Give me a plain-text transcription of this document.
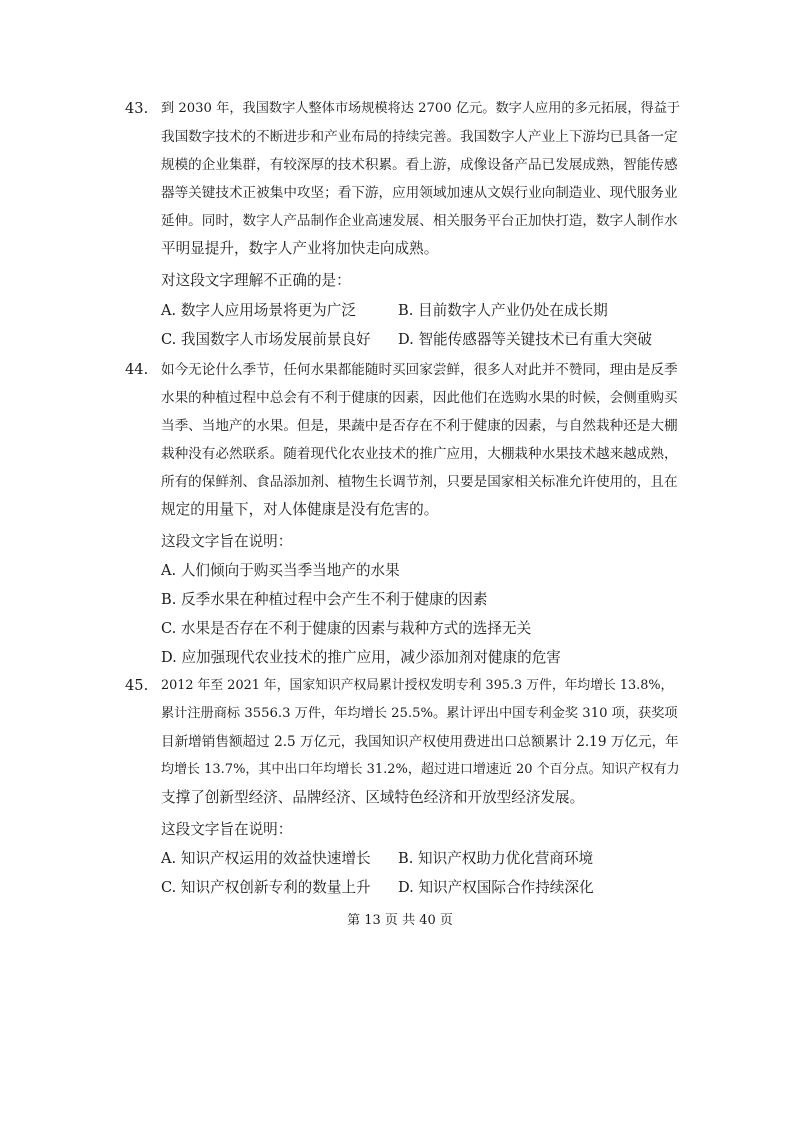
43. 到 2030 年，我国数字人整体市场规模将达 2700 亿元。数字人应用的多元拓展，得益于
我国数字技术的不断进步和产业布局的持续完善。我国数字人产业上下游均已具备一定
规模的企业集群，有较深厚的技术积累。看上游，成像设备产品已发展成熟，智能传感
器等关键技术正被集中攻坚；看下游，应用领域加速从文娱行业向制造业、现代服务业
延伸。同时，数字人产品制作企业高速发展、相关服务平台正加快打造，数字人制作水
平明显提升，数字人产业将加快走向成熟。
对这段文字理解不正确的是：
A. 数字人应用场景将更为广泛	B. 目前数字人产业仍处在成长期
C. 我国数字人市场发展前景良好 D. 智能传感器等关键技术已有重大突破
44. 如今无论什么季节，任何水果都能随时买回家尝鲜，很多人对此并不赞同，理由是反季
水果的种植过程中总会有不利于健康的因素，因此他们在选购水果的时候，会侧重购买
当季、当地产的水果。但是，果蔬中是否存在不利于健康的因素，与自然栽种还是大棚
栽种没有必然联系。随着现代化农业技术的推广应用，大棚栽种水果技术越来越成熟，
所有的保鲜剂、食品添加剂、植物生长调节剂，只要是国家相关标准允许使用的，且在
规定的用量下，对人体健康是没有危害的。
这段文字旨在说明：
A. 人们倾向于购买当季当地产的水果
B. 反季水果在种植过程中会产生不利于健康的因素
C. 水果是否存在不利于健康的因素与栽种方式的选择无关
D. 应加强现代农业技术的推广应用，减少添加剂对健康的危害
45. 2012 年至 2021 年，国家知识产权局累计授权发明专利 395.3 万件，年均增长 13.8%，
累计注册商标 3556.3 万件，年均增长 25.5%。累计评出中国专利金奖 310 项，获奖项
目新增销售额超过 2.5 万亿元，我国知识产权使用费进出口总额累计 2.19 万亿元，年
均增长 13.7%，其中出口年均增长 31.2%，超过进口增速近 20 个百分点。知识产权有力
支撑了创新型经济、品牌经济、区域特色经济和开放型经济发展。
这段文字旨在说明：
A. 知识产权运用的效益快速增长 B. 知识产权助力优化营商环境
C. 知识产权创新专利的数量上升 D. 知识产权国际合作持续深化
第 13 页 共 40 页
